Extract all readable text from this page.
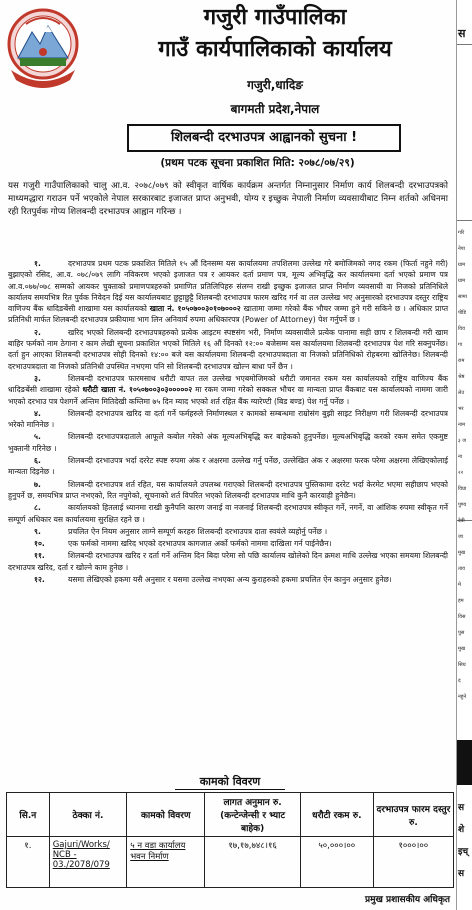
गजुरी गाउँपालिका
गाउँ कार्यपालिकाको कार्यालय
गजुरी,धादिङ
बागमती प्रदेश,नेपाल
शिलबन्दी दरभाउपत्र आह्वानको सुचना !
(प्रथम पटक सूचना प्रकाशित मिति: २०७८/०७/२९)
यस गजुरी गाउँपालिकाको चालु आ.व. २०७८/०७९ को स्वीकृत वार्षिक कार्यक्रम अन्तर्गत निम्नानुसार निर्माण कार्य शिलबन्दी दरभाउपत्रको माध्यमद्धारा गराउन पर्ने भएकोले नेपाल सरकारबाट इजाजत प्राप्त अनुभवी, योग्य र इच्छुक नेपाली निर्माण व्यवसायीबाट निम्न शर्तको अधिनमा रही रितपुर्वक गोप्य शिलबन्दी दरभाउपत्र आह्वान गरिन्छ ।
१.	दरभाउपत्र प्रथम पटक प्रकाशित मितिले १५ औं दिनसम्म यस कार्यालयमा तपशिलमा उल्लेख गरे बमोजिमको नगद रकम (फिर्ता नहुने गरी) बुझाएको रसिद, आ.व. ०७८/०७९ लागि नविकरण भएको इजाजत पत्र र आयकर दर्ता प्रमाण पत्र, मूल्य अभिवृद्धि कर कार्यालयमा दर्ता भएको प्रमाण पत्र आ.व.०७७/०७८ सम्मको आयकर चुक्ताको प्रमाणपत्रहरुको प्रमाणित प्रतिलिपिहरु संलग्न राखी इच्छुक इजाजत प्राप्त निर्माण व्यवसायी वा निजको प्रतिनिधिले कार्यालय समयभित्र रित पुर्वक निवेदन दिई यस कार्यालयबाट छुट्टाछुट्टै शिलबन्दी दरभाउपत्र फारम खरिद गर्न वा तल उल्लेख भए अनुसारको दरभाउपत्र दस्तुर राष्ट्रिय वाणिज्य बैंक धादिङबेंसी शाखामा यस कार्यालयको खाता नं. १०५०७००३०१०७०००२ खातामा जम्मा गरेको बैंक भौचर जम्मा हुने गरी सकिने छ । अधिकार प्राप्त प्रतिनिधी मार्फत शिलबन्दी दरभाउपत्र प्रकीयामा भाग लिन अनिवार्य रुपमा अधिकारपत्र (Power of Attorney) पेश गर्नुपर्ने छ ।
२.	खरिद भएको शिलबन्दी दरभाउपत्रहरुको प्रत्येक आइटम स्पष्टसंग भरी, निर्माण व्यवसायीले प्रत्येक पानामा सही छाप र शिलबन्दी गरी खाम बाहिर फर्मको नाम ठेगाना र काम लेखी सूचना प्रकाशित भएको मितिले १६ औं दिनको १२:०० बजेसम्म यस कार्यालयमा शिलबन्दी दरभाउपत्र पेश गरि सक्नुपर्नेछ। दर्ता हुन आएका शिलबन्दी दरभाउपत्र सोही दिनको १४:०० बजे यस कार्यालयमा शिलबन्दी दरभाउपत्रदाता वा निजको प्रतिनिधिको रोहबरमा खोलिनेछ। शिलबन्दी दरभाउपत्रदाता वा निजको प्रतिनिधी उपस्थित नभएमा पनि सो शिलबन्दी दरभाउपत्र खोल्न बाधा पर्ने छैन ।
३.	शिलबन्दी दरभाउपत्र फारमसाथ धरौटी वापत तल उल्लेख भएबमोजिमको धरौटी जमानत रकम यस कार्यालयको राष्ट्रिय वाणिज्य बैंक धादिङबेंसी शाखामा रहेको धरौटी खाता नं. १०५०७००३०३०००००२ मा रकम जम्मा गरेको सक्कल भौचर वा मान्यता प्राप्त बैंकबाट यस कार्यालयको नाममा जारी भएको दरभाउ पत्र पेशगर्ने अन्तिम मितिदेखी कम्तिमा ७५ दिन म्याद भएको शर्त रहित बैंक ग्यारेण्टी (बिड बण्ड) पेश गर्नु पर्नेछ ।
४.	शिलबन्दी दरभाउपत्र खरिद वा दर्ता गर्ने फर्महरुले निर्माणस्थल र कामको सम्बन्धमा राम्रोसंग बुझी साइट निरीक्षण गरी शिलबन्दी दरभाउपत्र भरेको मानिनेछ ।
५.	शिलबन्दी दरभाउपत्रदाताले आफूले कबोल गरेको अंक मूल्यअभिबृद्धि कर बाहेकको हुनुपर्नेछ। मूल्यअभिबृद्धि करको रकम समेत एकमुष्ट भुक्तानी गरिनेछ ।
६.	शिलबन्दी दरभाउपत्र भर्दा दररेट स्पष्ट रुपमा अंक र अक्षरमा उल्लेख गर्नु पर्नेछ, उल्लेखित अंक र अक्षरमा फरक परेमा अक्षरमा लेखिएकोलाई मान्यता दिइनेछ ।
७.	शिलबन्दी दरभाउपत्र शर्त रहित, यस कार्यालयले उपलब्ध गराएको शिलबन्दी दरभाउपत्र पुस्तिकामा दररेट भर्दा केरमेट भएमा सहीछाप भएको हुनुपर्ने छ, समयभित्र प्राप्त नभएको, रित नपुगेको, सूचनाको शर्त विपरित भएको शिलबन्दी दरभाउपत्र माथि कुनै कारवाही हुनेछैन।
८.	कार्यालयको हितलाई ध्यानमा राखी कुनैपनि कारण जनाई वा नजनाई शिलबन्दी दरभाउपत्र स्वीकृत गर्ने, नगर्ने, वा आंशिक रुपमा स्वीकृत गर्ने सम्पूर्ण अधिकार यस कार्यालयमा सुरक्षित रहने छ ।
९.	प्रचलित ऐन नियम अनुसार लाग्ने सम्पूर्ण करहरु शिलबन्दी दरभाउपत्र दाता स्वयंले व्यहोर्नु पर्नेछ ।
१०.	एक फर्मको नाममा खरिद भएको दरभाउपत्र कागजात अर्को फर्मको नाममा दाखिला गर्न पाईनेछैन।
११.	शिलबन्दी दरभाउपत्र खरिद र दर्ता गर्ने अन्तिम दिन बिदा परेमा सो पछि कार्यालय खोलेको दिन क्रमश माथि उल्लेख भएका समयमा शिलबन्दी दरभाउपत्र खरिद, दर्ता र खोल्ने काम हुनेछ ।
१२.	यसमा लेखिएको हकमा यसै अनुसार र यसमा उल्लेख नभएका अन्य कुराहरुको हकमा प्रचलित ऐन कानुन अनुसार हुनेछ।
कामको विवरण
सि.न	ठेक्का नं.	कामको विवरण	लागत अनुमान रु. (कन्टेन्जेन्सी र भ्याट बाहेक)	धरौटी रकम रु.	दरभाउपत्र फारम दस्तुर रु.
१.	Gajuri/Works/ NCB - 03./2078/079	५ न वडा कार्यालय भवन निर्माण	१७,१७,७४८।१६	५०,०००।००	१०००।००
प्रमुख प्रशासकीय अधिकृत
स
गरि
नेपा
ग्राम
ग्राम
सामा
पीडि
विव
गा
राम
श्रेष्ठ
लेउ
भर
नाम
३ ज
ना
२२
विप्रा
पुण्य
देवी
जा
मुख
ताव
मे
हम
विस
पुस
मुख
सिध
द
नहुने
स
शे
इच्
स
